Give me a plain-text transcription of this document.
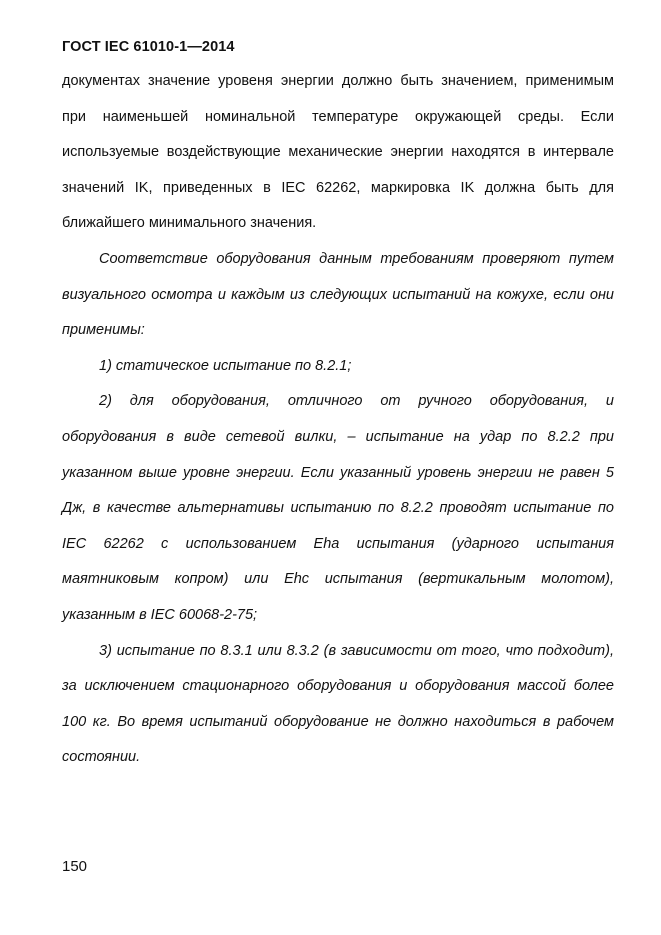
ГОСТ IEC 61010-1—2014

документах значение уровеня энергии должно быть значением, применимым при наименьшей номинальной температуре окружающей среды. Если используемые воздействующие механические энергии находятся в интервале значений IK, приведенных в IEC 62262, маркировка IK должна быть для ближайшего минимального значения.

Соответствие оборудования данным требованиям проверяют путем визуального осмотра и каждым из следующих испытаний на кожухе, если они применимы:

1) статическое испытание по 8.2.1;

2) для оборудования, отличного от ручного оборудования, и оборудования в виде сетевой вилки, – испытание на удар по 8.2.2 при указанном выше уровне энергии. Если указанный уровень энергии не равен 5 Дж, в качестве альтернативы испытанию по 8.2.2 проводят испытание по IEC 62262 с использованием Eha испытания (ударного испытания маятниковым копром) или Ehc испытания (вертикальным молотом), указанным в IEC 60068-2-75;

3) испытание по 8.3.1 или 8.3.2 (в зависимости от того, что подходит), за исключением стационарного оборудования и оборудования массой более 100 кг. Во время испытаний оборудование не должно находиться в рабочем состоянии.

150
